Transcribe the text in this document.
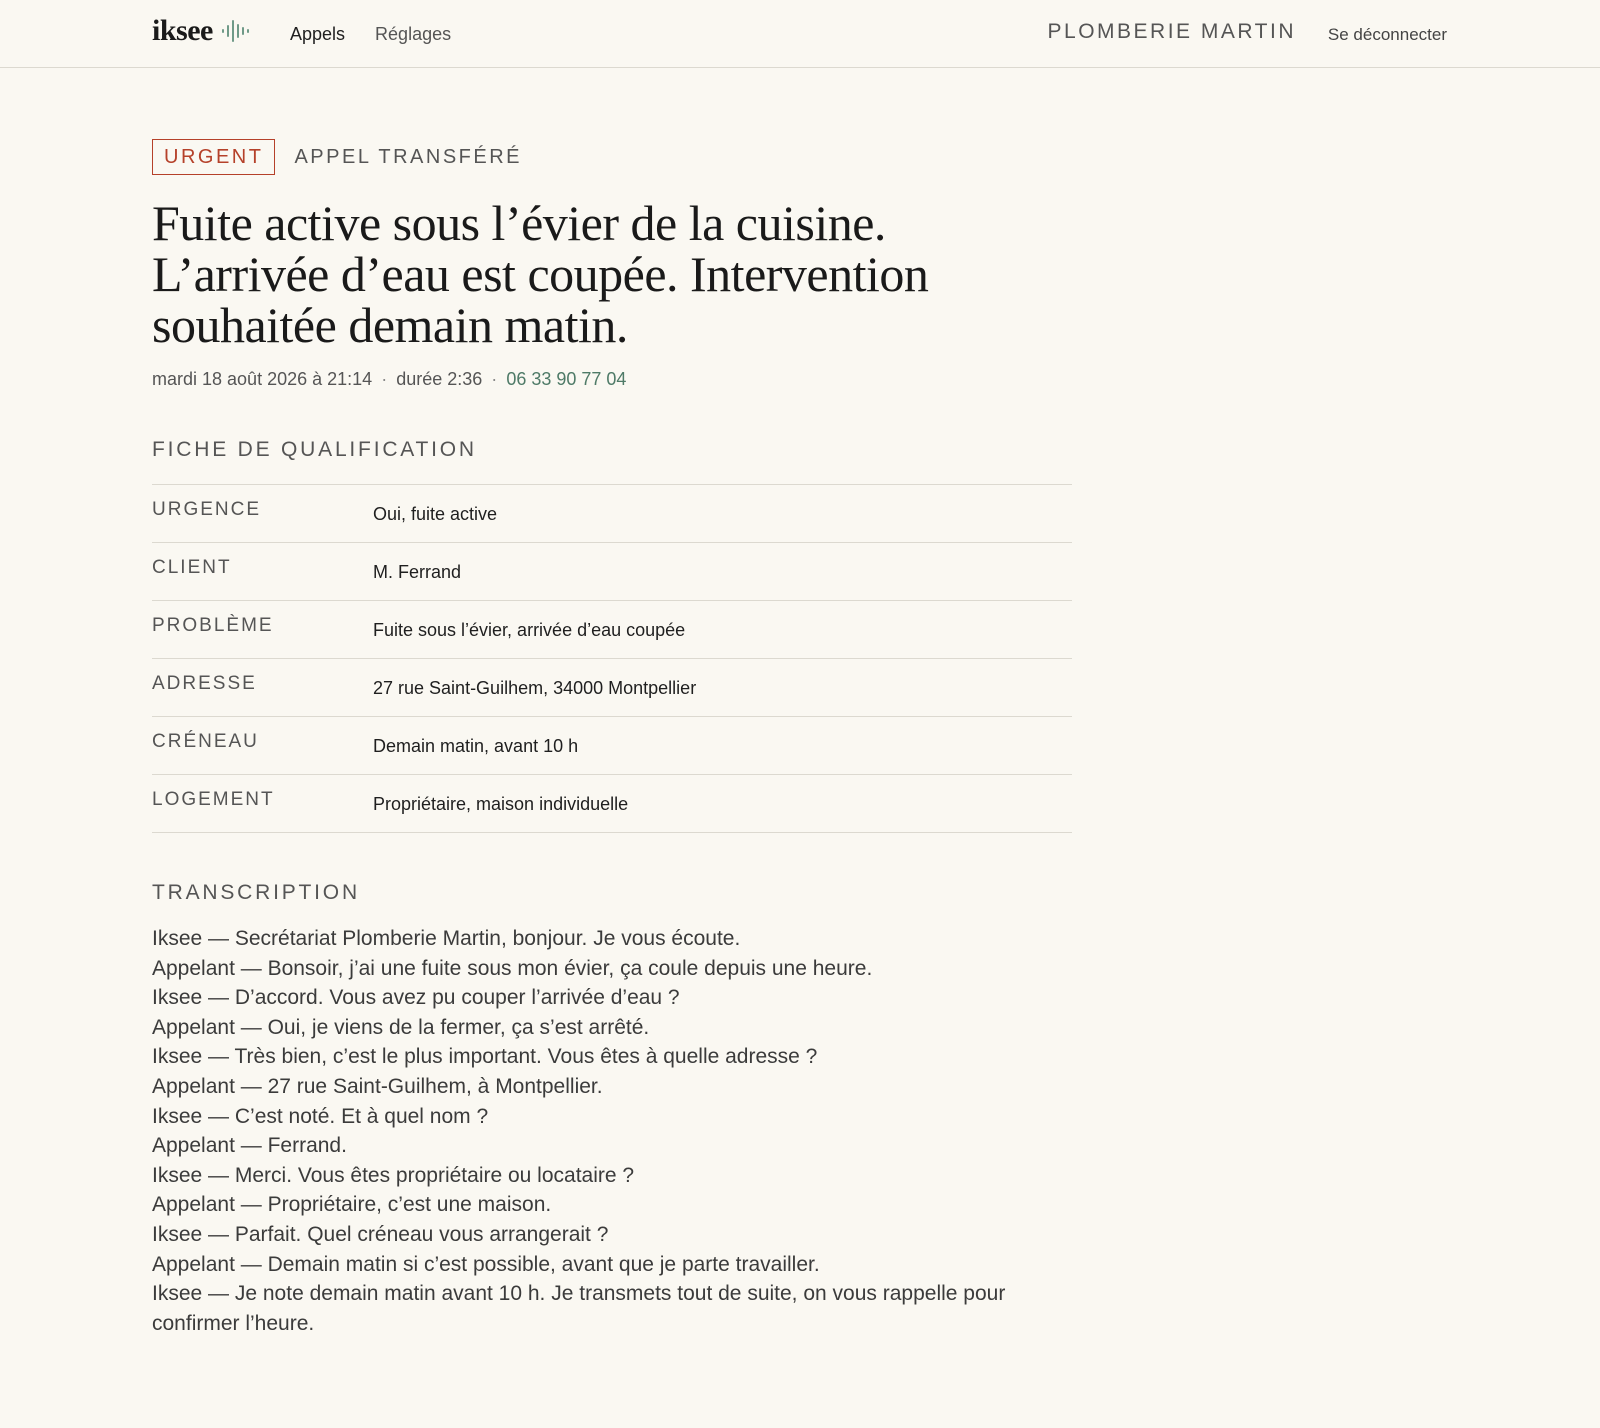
iksee	Appels Réglages	PLOMBERIE MARTIN Se déconnecter
URGENT	APPEL TRANSFÉRÉ
Fuite active sous l’évier de la cuisine. L’arrivée d’eau est coupée. Intervention souhaitée demain matin.
mardi 18 août 2026 à 21:14 · durée 2:36 · 06 33 90 77 04
FICHE DE QUALIFICATION
URGENCE	Oui, fuite active
CLIENT	M. Ferrand
PROBLÈME	Fuite sous l’évier, arrivée d’eau coupée
ADRESSE	27 rue Saint-Guilhem, 34000 Montpellier
CRÉNEAU	Demain matin, avant 10 h
LOGEMENT	Propriétaire, maison individuelle
TRANSCRIPTION
Iksee — Secrétariat Plomberie Martin, bonjour. Je vous écoute.
Appelant — Bonsoir, j’ai une fuite sous mon évier, ça coule depuis une heure.
Iksee — D’accord. Vous avez pu couper l’arrivée d’eau ?
Appelant — Oui, je viens de la fermer, ça s’est arrêté.
Iksee — Très bien, c’est le plus important. Vous êtes à quelle adresse ?
Appelant — 27 rue Saint-Guilhem, à Montpellier.
Iksee — C’est noté. Et à quel nom ?
Appelant — Ferrand.
Iksee — Merci. Vous êtes propriétaire ou locataire ?
Appelant — Propriétaire, c’est une maison.
Iksee — Parfait. Quel créneau vous arrangerait ?
Appelant — Demain matin si c’est possible, avant que je parte travailler.
Iksee — Je note demain matin avant 10 h. Je transmets tout de suite, on vous rappelle pour confirmer l’heure.
